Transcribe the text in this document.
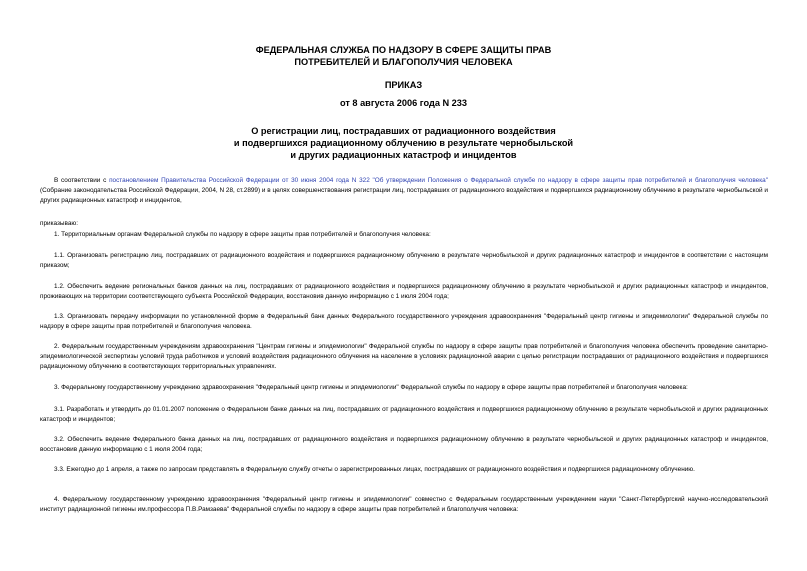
ФЕДЕРАЛЬНАЯ СЛУЖБА ПО НАДЗОРУ В СФЕРЕ ЗАЩИТЫ ПРАВ
ПОТРЕБИТЕЛЕЙ И БЛАГОПОЛУЧИЯ ЧЕЛОВЕКА
ПРИКАЗ
от 8 августа 2006 года N 233
О регистрации лиц, пострадавших от радиационного воздействия
и подвергшихся радиационному облучению в результате чернобыльской
и других радиационных катастроф и инцидентов
В соответствии с постановлением Правительства Российской Федерации от 30 июня 2004 года N 322 "Об утверждении Положения о Федеральной службе по надзору в сфере защиты прав потребителей и благополучия человека" (Собрание законодательства Российской Федерации, 2004, N 28, ст.2899) и в целях совершенствования регистрации лиц, пострадавших от радиационного воздействия и подвергшихся радиационному облучению в результате чернобыльской и других радиационных катастроф и инцидентов,
приказываю:
1. Территориальным органам Федеральной службы по надзору в сфере защиты прав потребителей и благополучия человека:
1.1. Организовать регистрацию лиц, пострадавших от радиационного воздействия и подвергшихся радиационному облучению в результате чернобыльской и других радиационных катастроф и инцидентов в соответствии с настоящим приказом;
1.2. Обеспечить ведение региональных банков данных на лиц, пострадавших от радиационного воздействия и подвергшихся радиационному облучению в результате чернобыльской и других радиационных катастроф и инцидентов, проживающих на территории соответствующего субъекта Российской Федерации, восстановив данную информацию с 1 июля 2004 года;
1.3. Организовать передачу информации по установленной форме в Федеральный банк данных Федерального государственного учреждения здравоохранения "Федеральный центр гигиены и эпидемиологии" Федеральной службы по надзору в сфере защиты прав потребителей и благополучия человека.
2. Федеральным государственным учреждениям здравоохранения "Центрам гигиены и эпидемиологии" Федеральной службы по надзору в сфере защиты прав потребителей и благополучия человека обеспечить проведение санитарно-эпидемиологической экспертизы условий труда работников и условий воздействия радиационного облучения на население в условиях радиационной аварии с целью регистрации пострадавших от радиационного воздействия и подвергшихся радиационному облучению в соответствующих территориальных управлениях.
3. Федеральному государственному учреждению здравоохранения "Федеральный центр гигиены и эпидемиологии" Федеральной службы по надзору в сфере защиты прав потребителей и благополучия человека:
3.1. Разработать и утвердить до 01.01.2007 положение о Федеральном банке данных на лиц, пострадавших от радиационного воздействия и подвергшихся радиационному облучению в результате чернобыльской и других радиационных катастроф и инцидентов;
3.2. Обеспечить ведение Федерального банка данных на лиц, пострадавших от радиационного воздействия и подвергшихся радиационному облучению в результате чернобыльской и других радиационных катастроф и инцидентов, восстановив данную информацию с 1 июля 2004 года;
3.3. Ежегодно до 1 апреля, а также по запросам представлять в Федеральную службу отчеты о зарегистрированных лицах, пострадавших от радиационного воздействия и подвергшихся радиационному облучению.
4. Федеральному государственному учреждению здравоохранения "Федеральный центр гигиены и эпидемиологии" совместно с Федеральным государственным учреждением науки "Санкт-Петербургский научно-исследовательский институт радиационной гигиены им.профессора П.В.Рамзаева" Федеральной службы по надзору в сфере защиты прав потребителей и благополучия человека:
